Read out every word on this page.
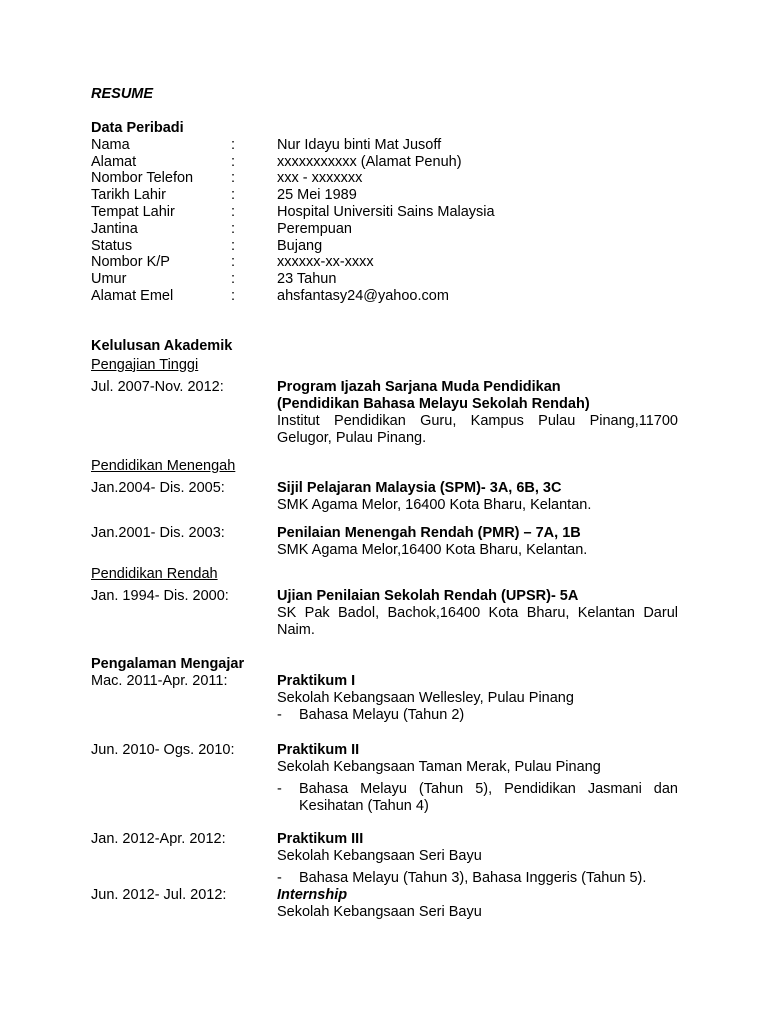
RESUME
Data Peribadi
Nama	:	Nur Idayu binti Mat Jusoff
Alamat	:	xxxxxxxxxxx (Alamat Penuh)
Nombor Telefon	:	xxx - xxxxxxx
Tarikh Lahir	:	25 Mei 1989
Tempat Lahir	:	Hospital Universiti Sains Malaysia
Jantina	:	Perempuan
Status	:	Bujang
Nombor K/P	:	xxxxxx-xx-xxxx
Umur	:	23 Tahun
Alamat Emel	:	ahsfantasy24@yahoo.com
Kelulusan Akademik
Pengajian Tinggi
Jul. 2007-Nov. 2012:	Program Ijazah Sarjana Muda Pendidikan
(Pendidikan Bahasa Melayu Sekolah Rendah)
Institut Pendidikan Guru, Kampus Pulau Pinang,11700 Gelugor, Pulau Pinang.
Pendidikan Menengah
Jan.2004- Dis. 2005:	Sijil Pelajaran Malaysia (SPM)- 3A, 6B, 3C
SMK Agama Melor, 16400 Kota Bharu, Kelantan.
Jan.2001- Dis. 2003:	Penilaian Menengah Rendah (PMR) – 7A, 1B
SMK Agama Melor,16400 Kota Bharu, Kelantan.
Pendidikan Rendah
Jan. 1994- Dis. 2000:	Ujian Penilaian Sekolah Rendah (UPSR)- 5A
SK Pak Badol, Bachok,16400 Kota Bharu, Kelantan Darul Naim.
Pengalaman Mengajar
Mac. 2011-Apr. 2011:	Praktikum I
Sekolah Kebangsaan Wellesley, Pulau Pinang
- Bahasa Melayu (Tahun 2)
Jun. 2010- Ogs. 2010:	Praktikum II
Sekolah Kebangsaan Taman Merak, Pulau Pinang
- Bahasa Melayu (Tahun 5), Pendidikan Jasmani dan Kesihatan (Tahun 4)
Jan. 2012-Apr. 2012:	Praktikum III
Sekolah Kebangsaan Seri Bayu
- Bahasa Melayu (Tahun 3), Bahasa Inggeris (Tahun 5).
Jun. 2012- Jul. 2012:	Internship
Sekolah Kebangsaan Seri Bayu
